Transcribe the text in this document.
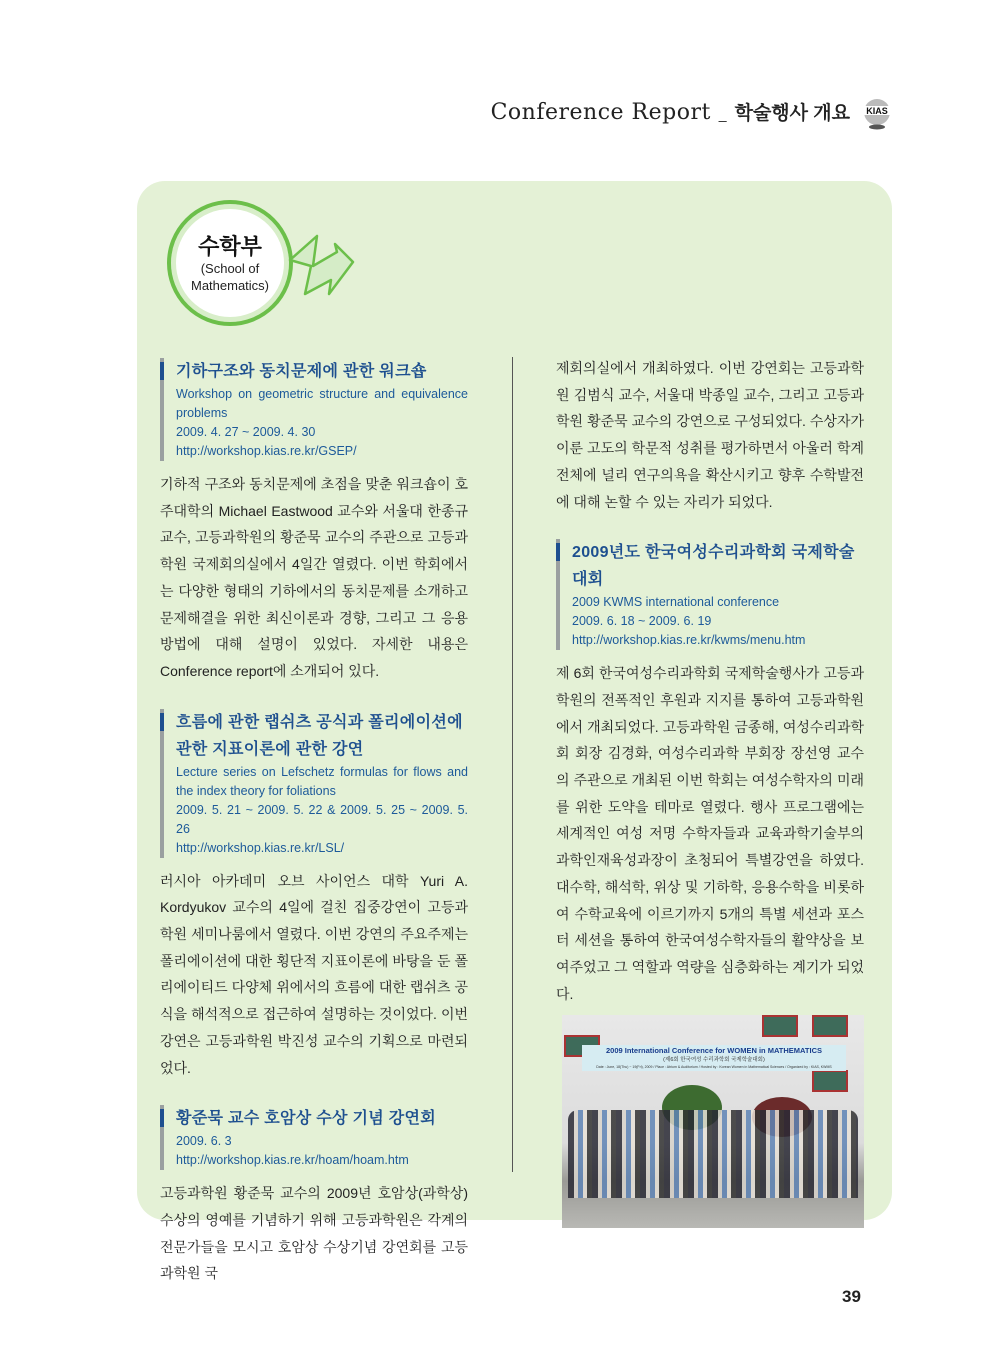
Conference Report _ 학술행사 개요 KIAS
수학부
(School of
Mathematics)
기하구조와 동치문제에 관한 워크숍
Workshop on geometric structure and equivalence problems
2009. 4. 27 ~ 2009. 4. 30
http://workshop.kias.re.kr/GSEP/

기하적 구조와 동치문제에 초점을 맞춘 워크숍이 호주대학의 Michael Eastwood 교수와 서울대 한종규 교수, 고등과학원의 황준묵 교수의 주관으로 고등과학원 국제회의실에서 4일간 열렸다. 이번 학회에서는 다양한 형태의 기하에서의 동치문제를 소개하고 문제해결을 위한 최신이론과 경향, 그리고 그 응용방법에 대해 설명이 있었다. 자세한 내용은 Conference report에 소개되어 있다.

흐름에 관한 랩쉬츠 공식과 폴리에이션에 관한 지표이론에 관한 강연
Lecture series on Lefschetz formulas for flows and the index theory for foliations
2009. 5. 21 ~ 2009. 5. 22 & 2009. 5. 25 ~ 2009. 5. 26
http://workshop.kias.re.kr/LSL/

러시아 아카데미 오브 사이언스 대학 Yuri A. Kordyukov 교수의 4일에 걸친 집중강연이 고등과학원 세미나룸에서 열렸다. 이번 강연의 주요주제는 폴리에이션에 대한 횡단적 지표이론에 바탕을 둔 폴리에이티드 다양체 위에서의 흐름에 대한 랩쉬츠 공식을 해석적으로 접근하여 설명하는 것이었다. 이번 강연은 고등과학원 박진성 교수의 기획으로 마련되었다.

황준묵 교수 호암상 수상 기념 강연회
2009. 6. 3
http://workshop.kias.re.kr/hoam/hoam.htm

고등과학원 황준묵 교수의 2009년 호암상(과학상) 수상의 영예를 기념하기 위해 고등과학원은 각계의 전문가들을 모시고 호암상 수상기념 강연회를 고등과학원 국

제회의실에서 개최하였다. 이번 강연회는 고등과학원 김범식 교수, 서울대 박종일 교수, 그리고 고등과학원 황준묵 교수의 강연으로 구성되었다. 수상자가 이룬 고도의 학문적 성취를 평가하면서 아울러 학계 전체에 널리 연구의욕을 확산시키고 향후 수학발전에 대해 논할 수 있는 자리가 되었다.

2009년도 한국여성수리과학회 국제학술대회
2009 KWMS international conference
2009. 6. 18 ~ 2009. 6. 19
http://workshop.kias.re.kr/kwms/menu.htm

제 6회 한국여성수리과학회 국제학술행사가 고등과학원의 전폭적인 후원과 지지를 통하여 고등과학원에서 개최되었다. 고등과학원 금종해, 여성수리과학회 회장 김경화, 여성수리과학 부회장 장선영 교수의 주관으로 개최된 이번 학회는 여성수학자의 미래를 위한 도약을 테마로 열렸다. 행사 프로그램에는 세계적인 여성 저명 수학자들과 교육과학기술부의 과학인재육성과장이 초청되어 특별강연을 하였다. 대수학, 해석학, 위상 및 기하학, 응용수학을 비롯하여 수학교육에 이르기까지 5개의 특별 세션과 포스터 세션을 통하여 한국여성수학자들의 활약상을 보여주었고 그 역할과 역량을 심층화하는 계기가 되었다.

2009 International Conference for WOMEN in MATHEMATICS
(제6회 한국여성 수리과학회 국제학술대회)
Date : June, 18(Thu) ~ 19(Fri), 2009 / Place : Atrium & Auditorium / Hosted by : Korean Women in Mathematical Sciences / Organized by : KIAS, KWMS
39
